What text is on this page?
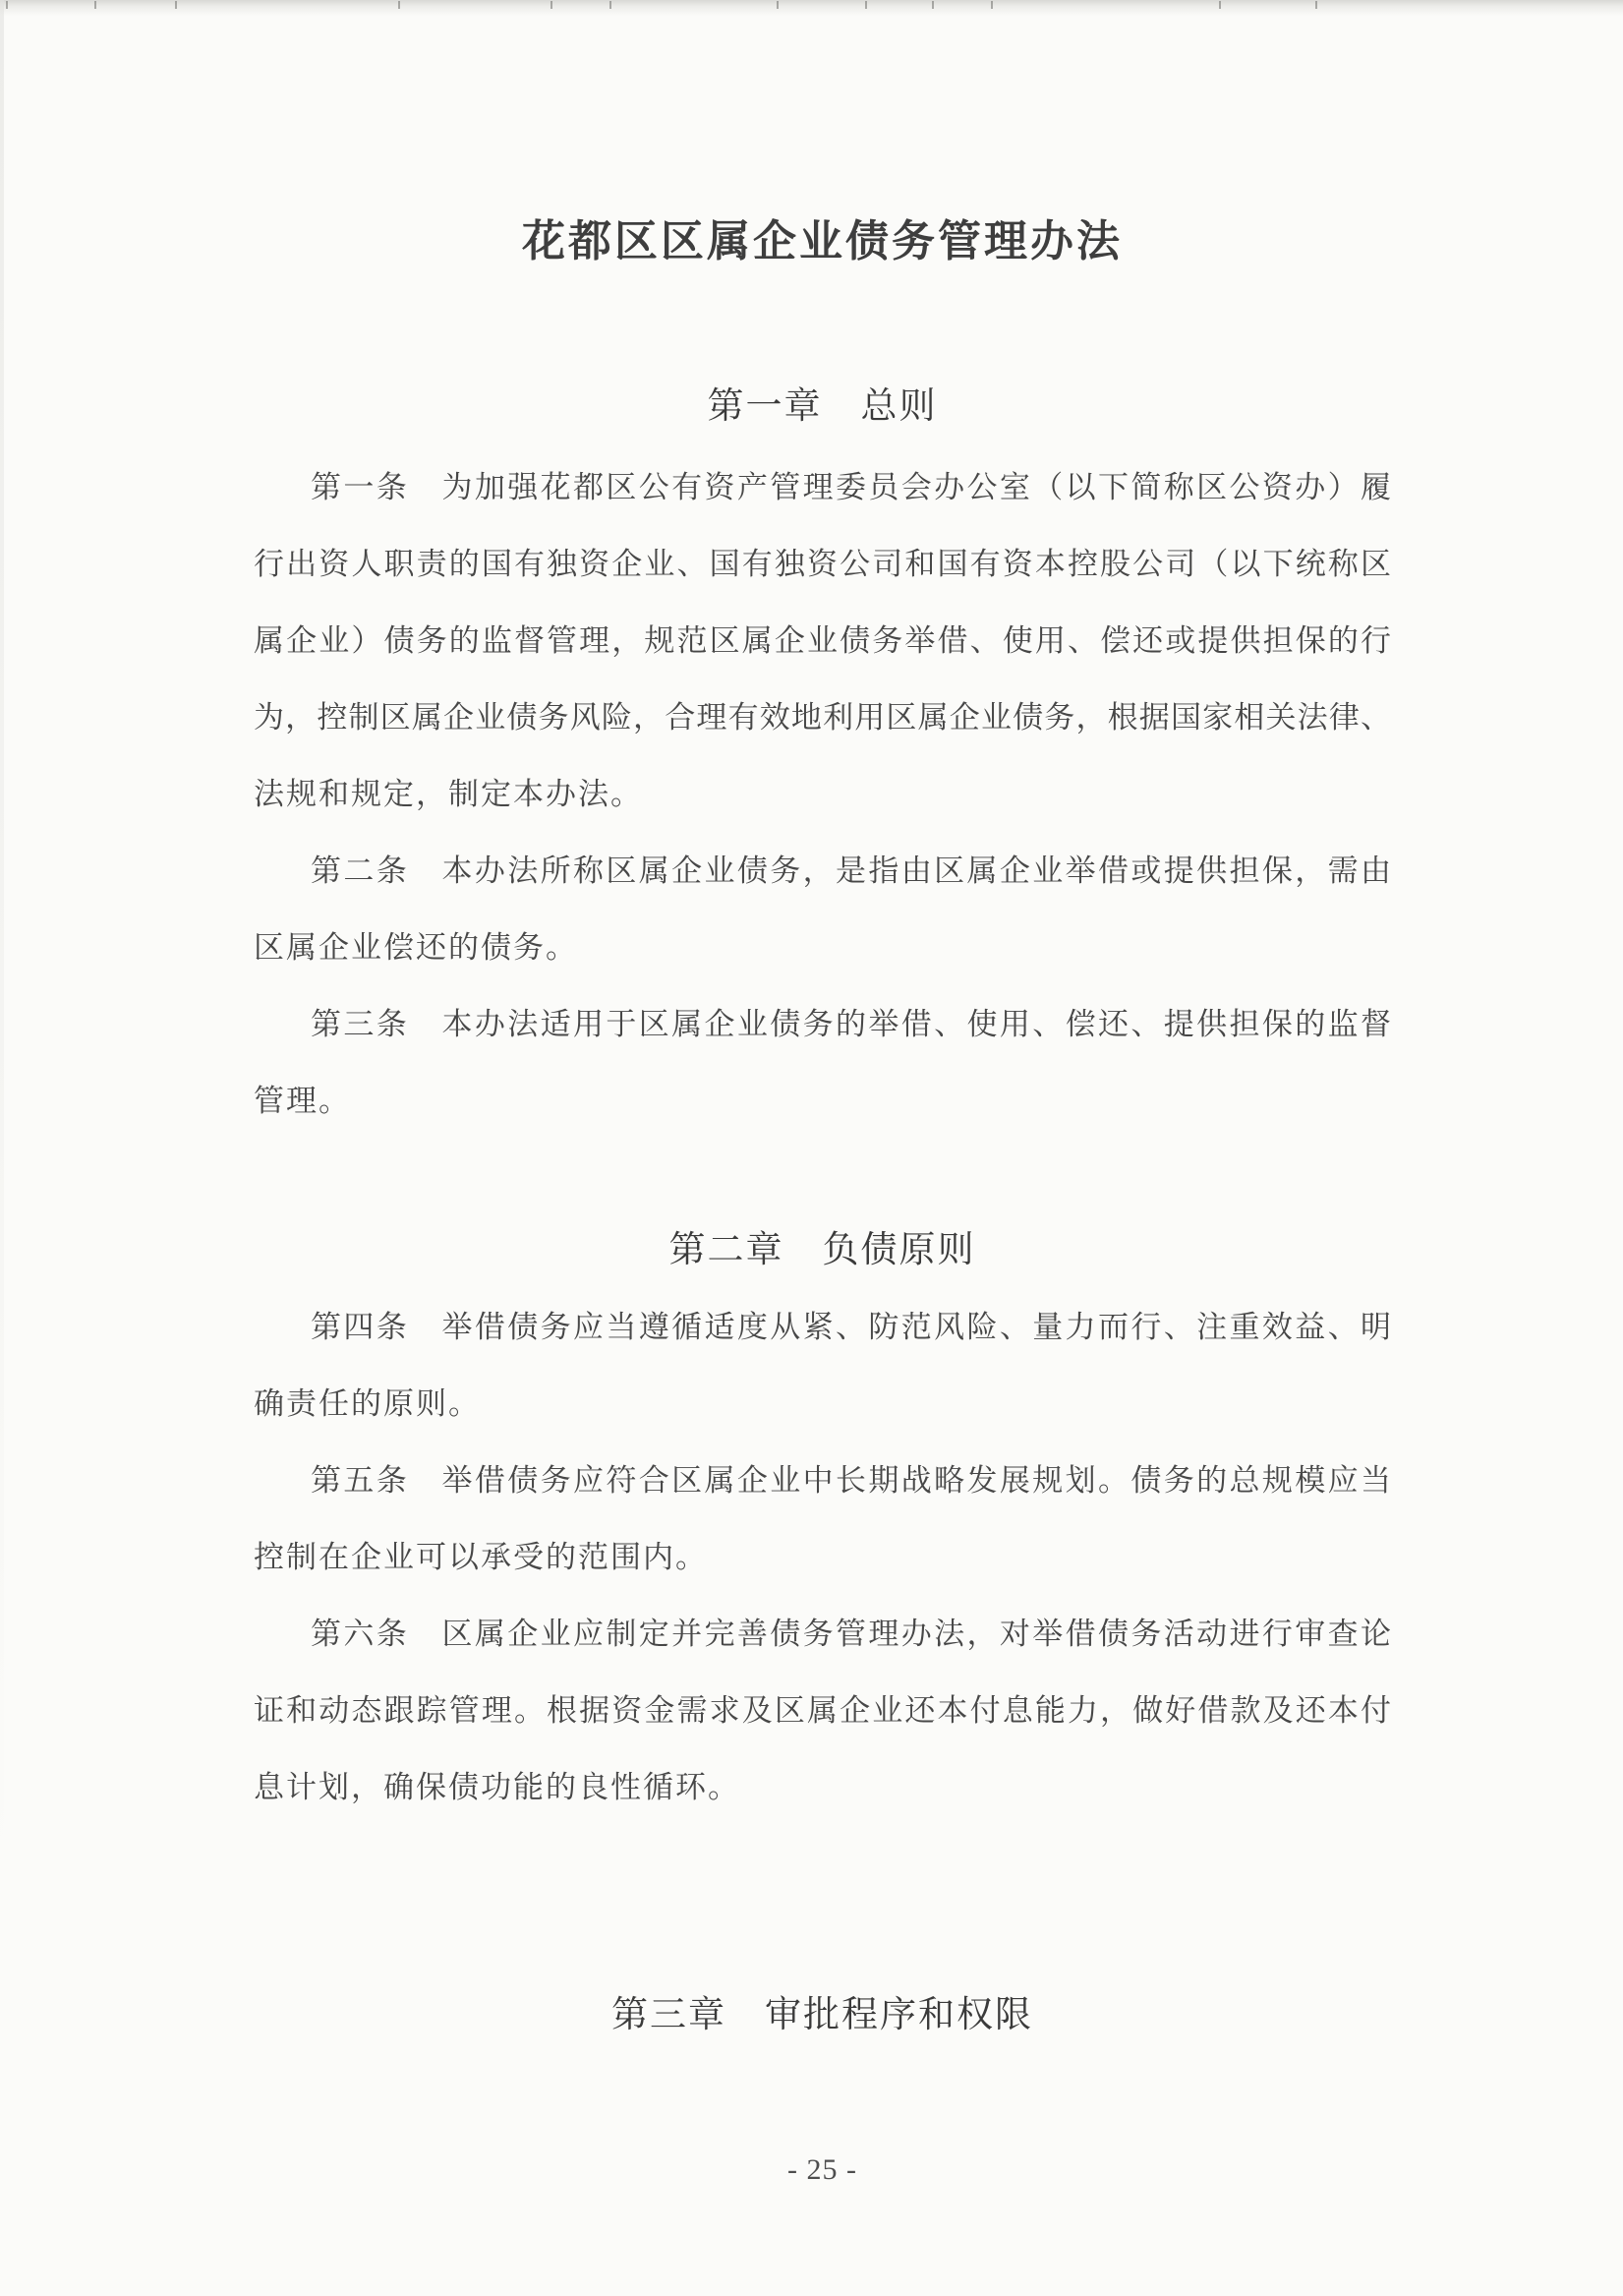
花都区区属企业债务管理办法
第一章　总则
第一条　为加强花都区公有资产管理委员会办公室（以下简称区公资办）履
行出资人职责的国有独资企业、国有独资公司和国有资本控股公司（以下统称区
属企业）债务的监督管理，规范区属企业债务举借、使用、偿还或提供担保的行
为，控制区属企业债务风险，合理有效地利用区属企业债务，根据国家相关法律、
法规和规定，制定本办法。
第二条　本办法所称区属企业债务，是指由区属企业举借或提供担保，需由
区属企业偿还的债务。
第三条　本办法适用于区属企业债务的举借、使用、偿还、提供担保的监督
管理。
第二章　负债原则
第四条　举借债务应当遵循适度从紧、防范风险、量力而行、注重效益、明
确责任的原则。
第五条　举借债务应符合区属企业中长期战略发展规划。债务的总规模应当
控制在企业可以承受的范围内。
第六条　区属企业应制定并完善债务管理办法，对举借债务活动进行审查论
证和动态跟踪管理。根据资金需求及区属企业还本付息能力，做好借款及还本付
息计划，确保债功能的良性循环。
第三章　审批程序和权限
- 25 -
